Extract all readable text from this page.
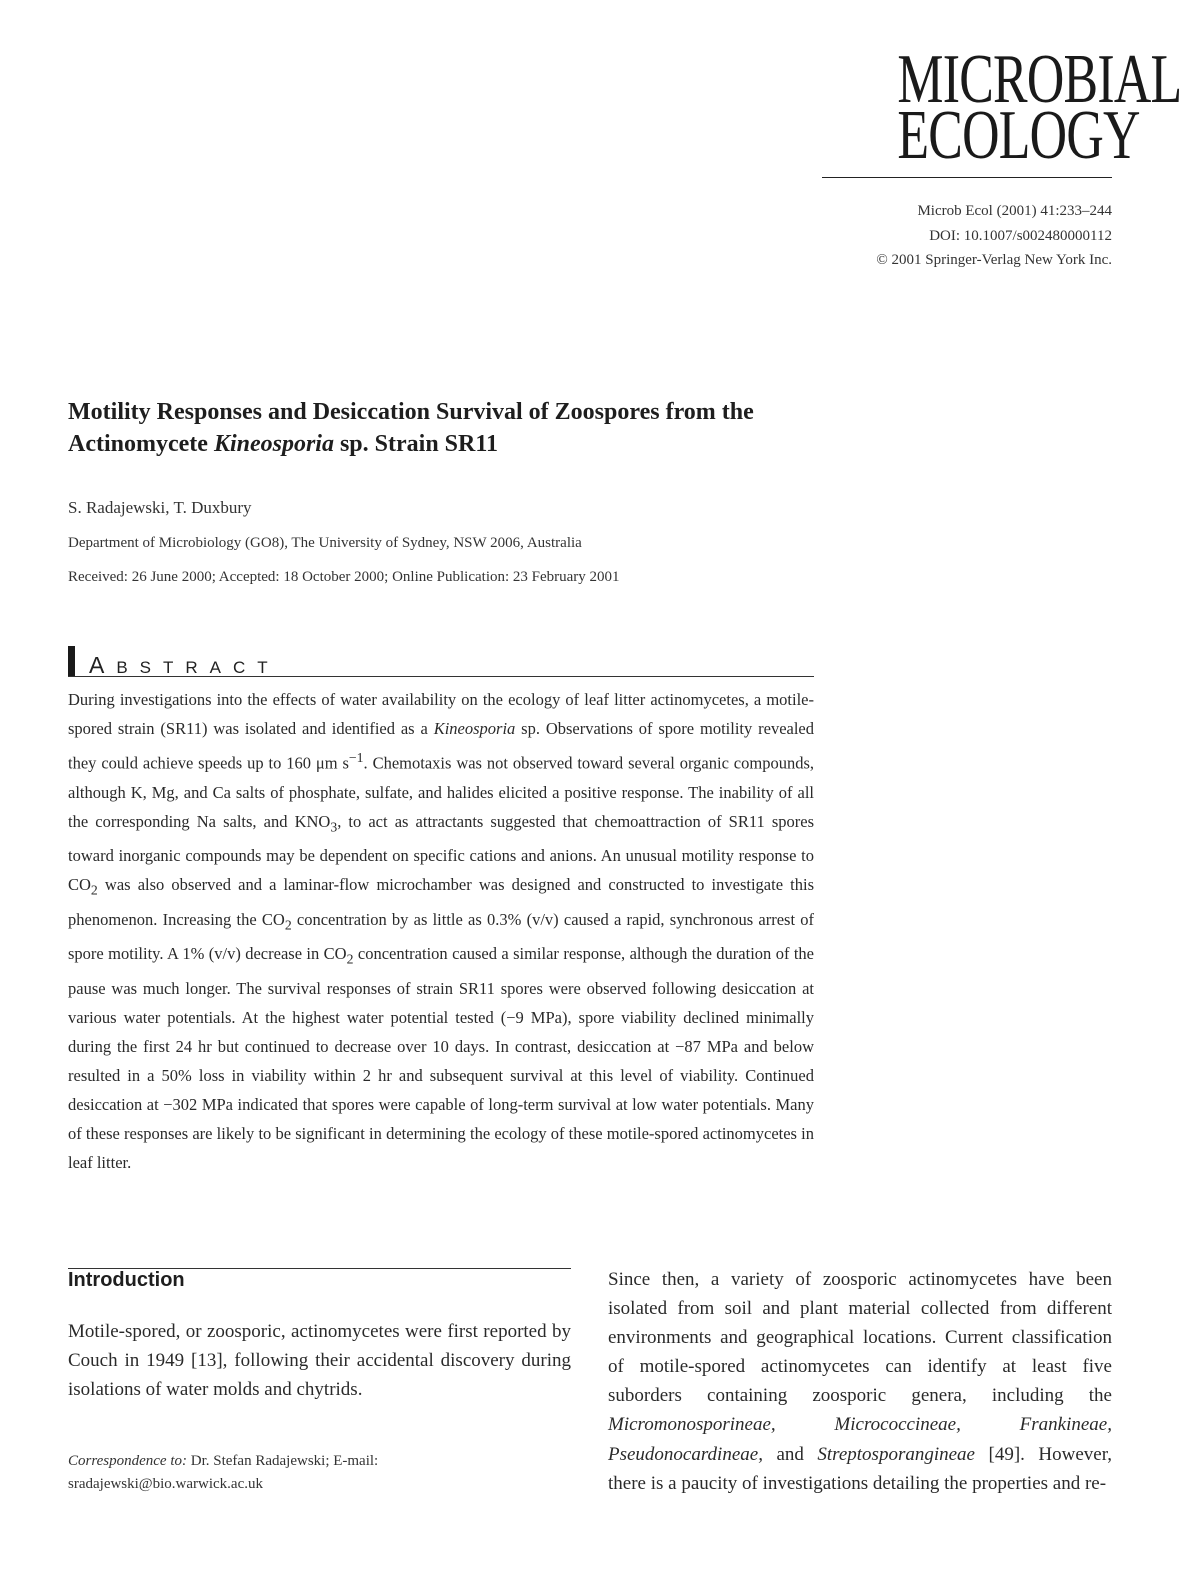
MICROBIAL
ECOLOGY
Microb Ecol (2001) 41:233–244
DOI: 10.1007/s002480000112
© 2001 Springer-Verlag New York Inc.
Motility Responses and Desiccation Survival of Zoospores from the Actinomycete Kineosporia sp. Strain SR11
S. Radajewski, T. Duxbury
Department of Microbiology (GO8), The University of Sydney, NSW 2006, Australia
Received: 26 June 2000; Accepted: 18 October 2000; Online Publication: 23 February 2001
ABSTRACT

During investigations into the effects of water availability on the ecology of leaf litter actinomycetes, a motile-spored strain (SR11) was isolated and identified as a Kineosporia sp. Observations of spore motility revealed they could achieve speeds up to 160 μm $s^{-1}$. Chemotaxis was not observed toward several organic compounds, although K, Mg, and Ca salts of phosphate, sulfate, and halides elicited a positive response. The inability of all the corresponding Na salts, and $KNO_3$, to act as attractants suggested that chemoattraction of SR11 spores toward inorganic compounds may be dependent on specific cations and anions. An unusual motility response to $CO_2$ was also observed and a laminar-flow microchamber was designed and constructed to investigate this phenomenon. Increasing the $CO_2$ concentration by as little as 0.3% (v/v) caused a rapid, synchronous arrest of spore motility. A 1% (v/v) decrease in $CO_2$ concentration caused a similar response, although the duration of the pause was much longer. The survival responses of strain SR11 spores were observed following desiccation at various water potentials. At the highest water potential tested (−9 MPa), spore viability declined minimally during the first 24 hr but continued to decrease over 10 days. In contrast, desiccation at −87 MPa and below resulted in a 50% loss in viability within 2 hr and subsequent survival at this level of viability. Continued desiccation at −302 MPa indicated that spores were capable of long-term survival at low water potentials. Many of these responses are likely to be significant in determining the ecology of these motile-spored actinomycetes in leaf litter.

Introduction

Motile-spored, or zoosporic, actinomycetes were first reported by Couch in 1949 [13], following their accidental discovery during isolations of water molds and chytrids.

Correspondence to: Dr. Stefan Radajewski; E-mail: sradajewski@bio.warwick.ac.uk

Since then, a variety of zoosporic actinomycetes have been isolated from soil and plant material collected from different environments and geographical locations. Current classification of motile-spored actinomycetes can identify at least five suborders containing zoosporic genera, including the Micromonosporineae, Micrococcineae, Frankineae, Pseudonocardineae, and Streptosporangineae [49]. However, there is a paucity of investigations detailing the properties and re-
